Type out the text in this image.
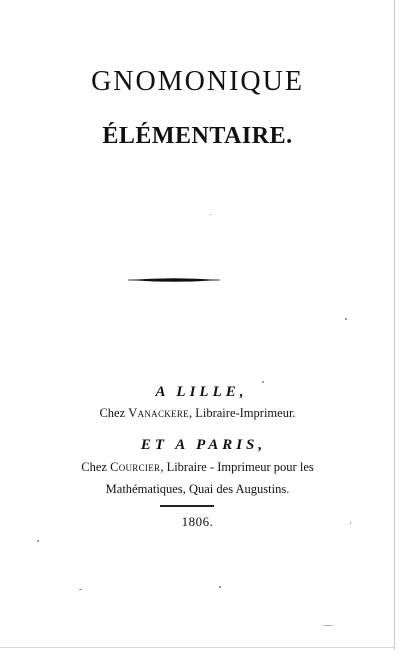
GNOMONIQUE
ÉLÉMENTAIRE.
A LILLE,
Chez Vanackere, Libraire-Imprimeur.
ET A PARIS,
Chez Courcier, Libraire - Imprimeur pour les
Mathématiques, Quai des Augustins.
1806.
